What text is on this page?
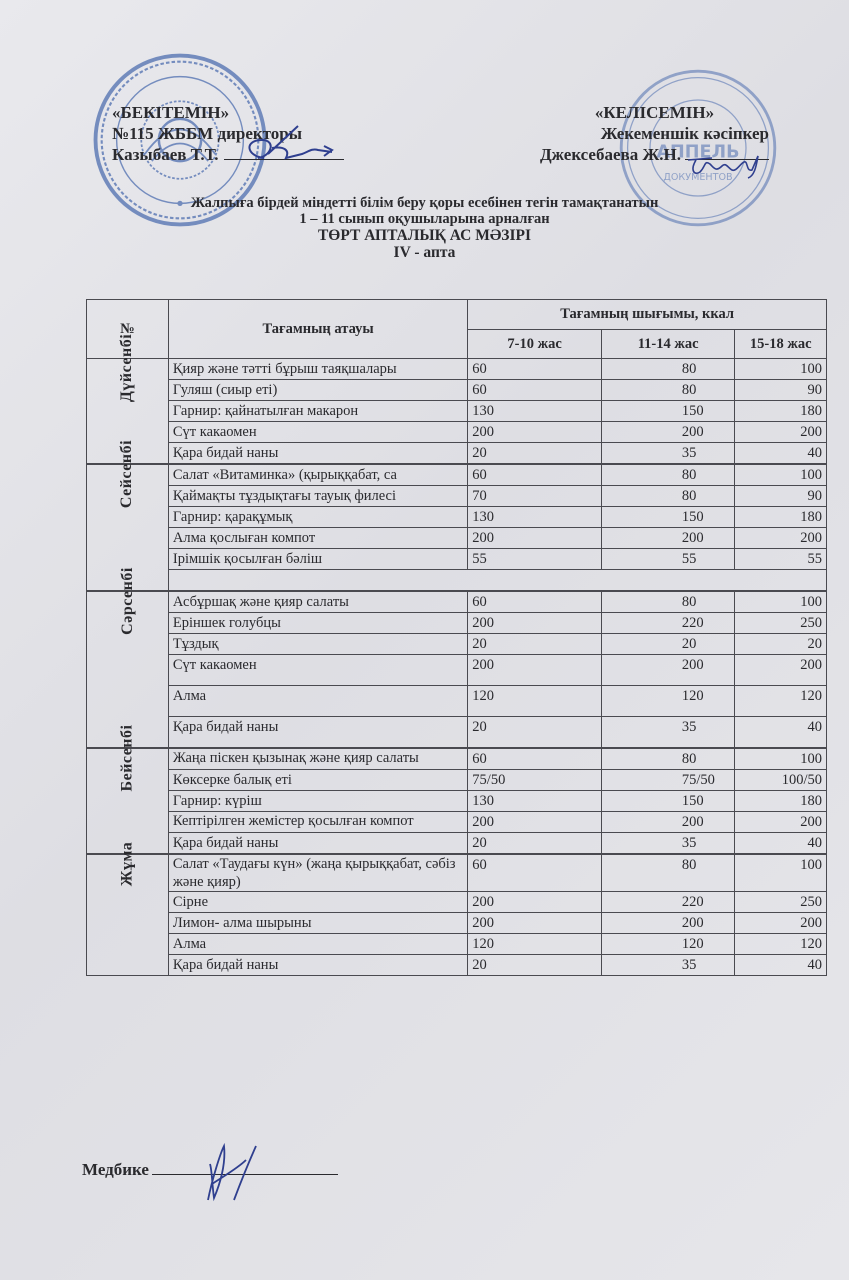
АППЕЛЬ
ДОКУМЕНТОВ
«БЕКІТЕМІН»
№115 ЖББМ директоры
Казыбаев Т.Т.
«КЕЛІСЕМІН»
Жекеменшік кәсіпкер
Джексебаева Ж.Н.
Жалпыға бірдей міндетті білім беру қоры есебінен тегін тамақтанатын
1 – 11 сынып оқушыларына арналған
ТӨРТ АПТАЛЫҚ АС МӘЗІРІ
IV - апта
№	Тағамның атауы	Тағамның шығымы, ккал		
		7-10 жас	11-14 жас	15-18 жас
Дүйсенбі	Қияр және тәтті бұрыш таяқшалары	60	80	100
	Гуляш (сиыр еті)	60	80	90
	Гарнир: қайнатылған макарон	130	150	180
	Сүт какаомен	200	200	200
	Қара бидай наны	20	35	40
Сейсенбі	Салат «Витаминка» (қырыққабат, са	60	80	100
	Қаймақты тұздықтағы тауық филесі	70	80	90
	Гарнир: қарақұмық	130	150	180
	Алма қослыған компот	200	200	200
	Ірімшік қосылған бәліш	55	55	55

Сәрсенбі	Асбұршақ және қияр салаты	60	80	100
	Еріншек голубцы	200	220	250
	Тұздық	20	20	20
	Сүт какаомен	200	200	200
	Алма	120	120	120
	Қара бидай наны	20	35	40
Бейсенбі	Жаңа піскен қызынақ және қияр салаты	60	80	100
	Көксерке балық еті	75/50	75/50	100/50
	Гарнир: күріш	130	150	180
	Кептірілген жемістер қосылған компот	200	200	200
	Қара бидай наны	20	35	40
Жұма	Салат «Таудағы күн» (жаңа қырыққабат, сәбіз және қияр)	60	80	100
	Сірне	200	220	250
	Лимон- алма шырыны	200	200	200
	Алма	120	120	120
	Қара бидай наны	20	35	40
Медбике
